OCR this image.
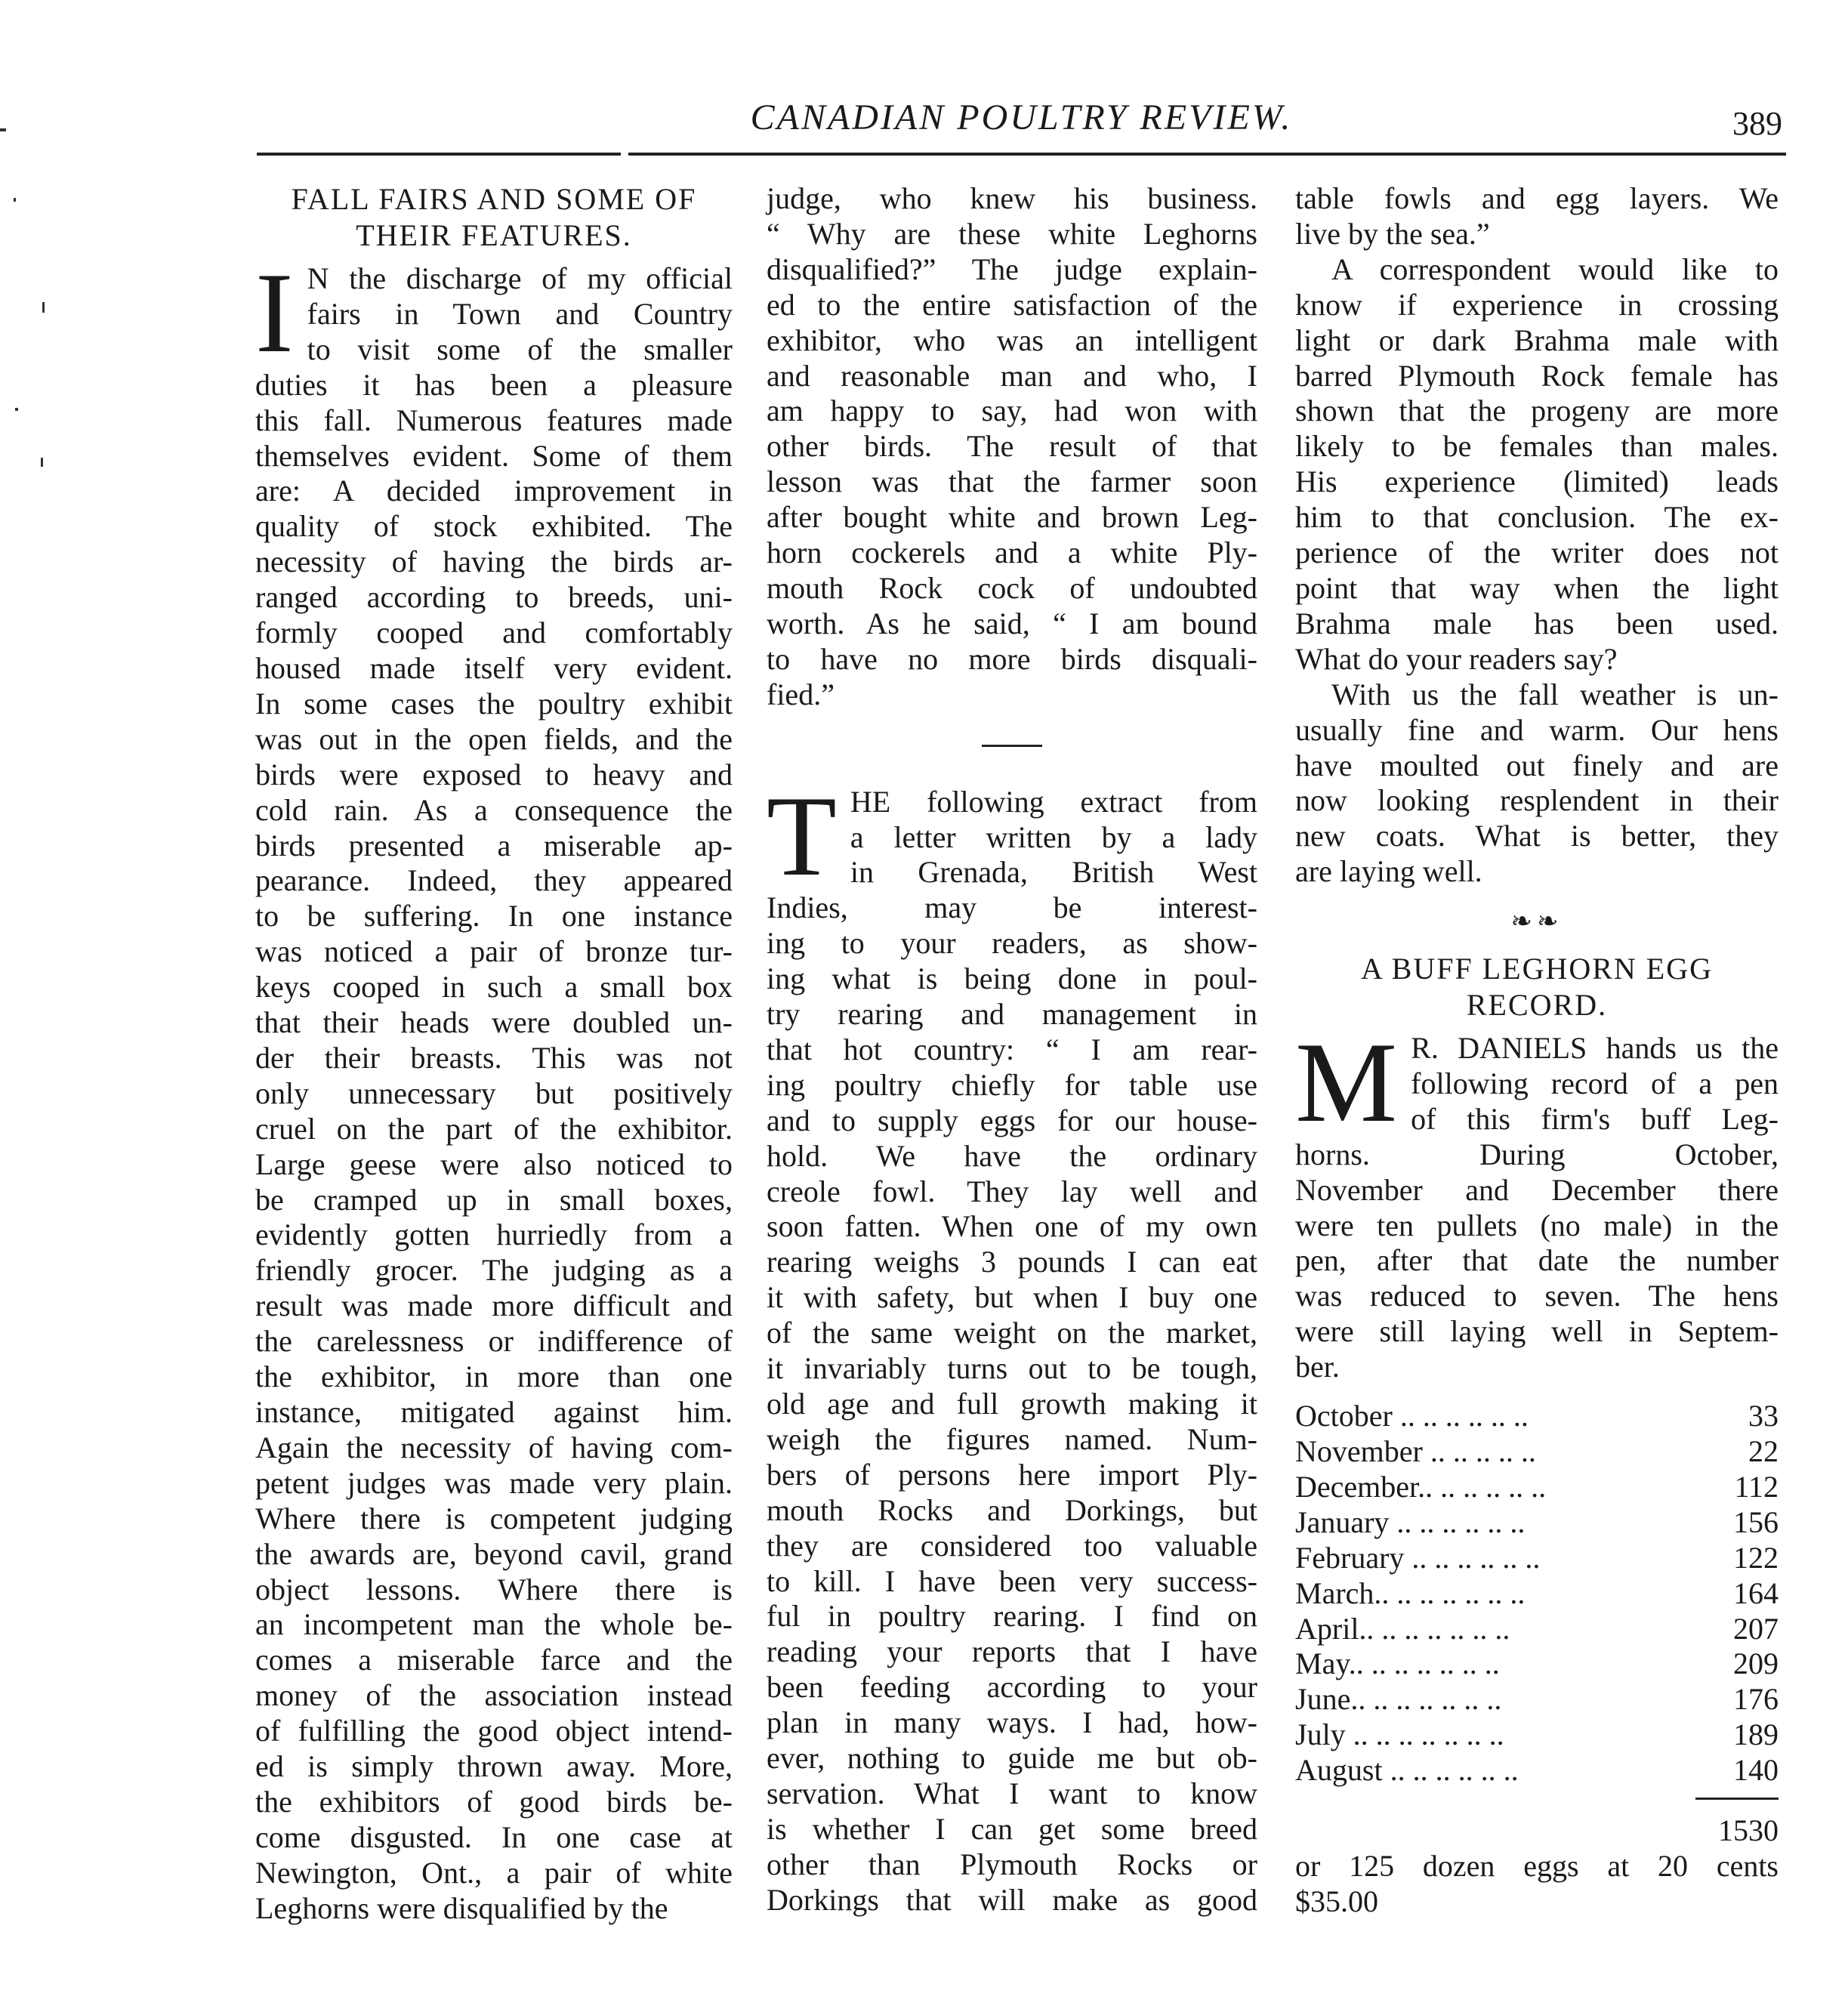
CANADIAN POULTRY REVIEW.	389
FALL FAIRS AND SOME OF THEIR FEATURES.
I N the discharge of my official
fairs in Town and Country
to visit some of the smaller
duties it has been a pleasure
this fall. Numerous features made
themselves evident. Some of them
are: A decided improvement in
quality of stock exhibited. The
necessity of having the birds ar-
ranged according to breeds, uni-
formly cooped and comfortably
housed made itself very evident.
In some cases the poultry exhibit
was out in the open fields, and the
birds were exposed to heavy and
cold rain. As a consequence the
birds presented a miserable ap-
pearance. Indeed, they appeared
to be suffering. In one instance
was noticed a pair of bronze tur-
keys cooped in such a small box
that their heads were doubled un-
der their breasts. This was not
only unnecessary but positively
cruel on the part of the exhibitor.
Large geese were also noticed to
be cramped up in small boxes,
evidently gotten hurriedly from a
friendly grocer. The judging as a
result was made more difficult and
the carelessness or indifference of
the exhibitor, in more than one
instance, mitigated against him.
Again the necessity of having com-
petent judges was made very plain.
Where there is competent judging
the awards are, beyond cavil, grand
object lessons. Where there is
an incompetent man the whole be-
comes a miserable farce and the
money of the association instead
of fulfilling the good object intend-
ed is simply thrown away. More,
the exhibitors of good birds be-
come disgusted. In one case at
Newington, Ont., a pair of white
Leghorns were disqualified by the
judge, who knew his business.
“ Why are these white Leghorns
disqualified?” The judge explain-
ed to the entire satisfaction of the
exhibitor, who was an intelligent
and reasonable man and who, I
am happy to say, had won with
other birds. The result of that
lesson was that the farmer soon
after bought white and brown Leg-
horn cockerels and a white Ply-
mouth Rock cock of undoubted
worth. As he said, “ I am bound
to have no more birds disquali-
fied.”
T HE following extract from
a letter written by a lady
in Grenada, British West
Indies, may be interest-
ing to your readers, as show-
ing what is being done in poul-
try rearing and management in
that hot country: “ I am rear-
ing poultry chiefly for table use
and to supply eggs for our house-
hold. We have the ordinary
creole fowl. They lay well and
soon fatten. When one of my own
rearing weighs 3 pounds I can eat
it with safety, but when I buy one
of the same weight on the market,
it invariably turns out to be tough,
old age and full growth making it
weigh the figures named. Num-
bers of persons here import Ply-
mouth Rocks and Dorkings, but
they are considered too valuable
to kill. I have been very success-
ful in poultry rearing. I find on
reading your reports that I have
been feeding according to your
plan in many ways. I had, how-
ever, nothing to guide me but ob-
servation. What I want to know
is whether I can get some breed
other than Plymouth Rocks or
Dorkings that will make as good
table fowls and egg layers. We
live by the sea.”
A correspondent would like to
know if experience in crossing
light or dark Brahma male with
barred Plymouth Rock female has
shown that the progeny are more
likely to be females than males.
His experience (limited) leads
him to that conclusion. The ex-
perience of the writer does not
point that way when the light
Brahma male has been used.
What do your readers say?
With us the fall weather is un-
usually fine and warm. Our hens
have moulted out finely and are
now looking resplendent in their
new coats. What is better, they
are laying well.
❧❧
A BUFF LEGHORN EGG RECORD.
M R. DANIELS hands us the
following record of a pen
of this firm's buff Leg-
horns. During October,
November and December there
were ten pullets (no male) in the
pen, after that date the number
was reduced to seven. The hens
were still laying well in Septem-
ber.
October .. .. .. .. .. ..	33
November .. .. .. .. ..	22
December.. .. .. .. .. ..	112
January .. .. .. .. .. ..	156
February .. .. .. .. .. ..	122
March.. .. .. .. .. .. ..	164
April.. .. .. .. .. .. ..	207
May.. .. .. .. .. .. ..	209
June.. .. .. .. .. .. ..	176
July .. .. .. .. .. .. ..	189
August .. .. .. .. .. ..	140
1530
or 125 dozen eggs at 20 cents
$35.00
